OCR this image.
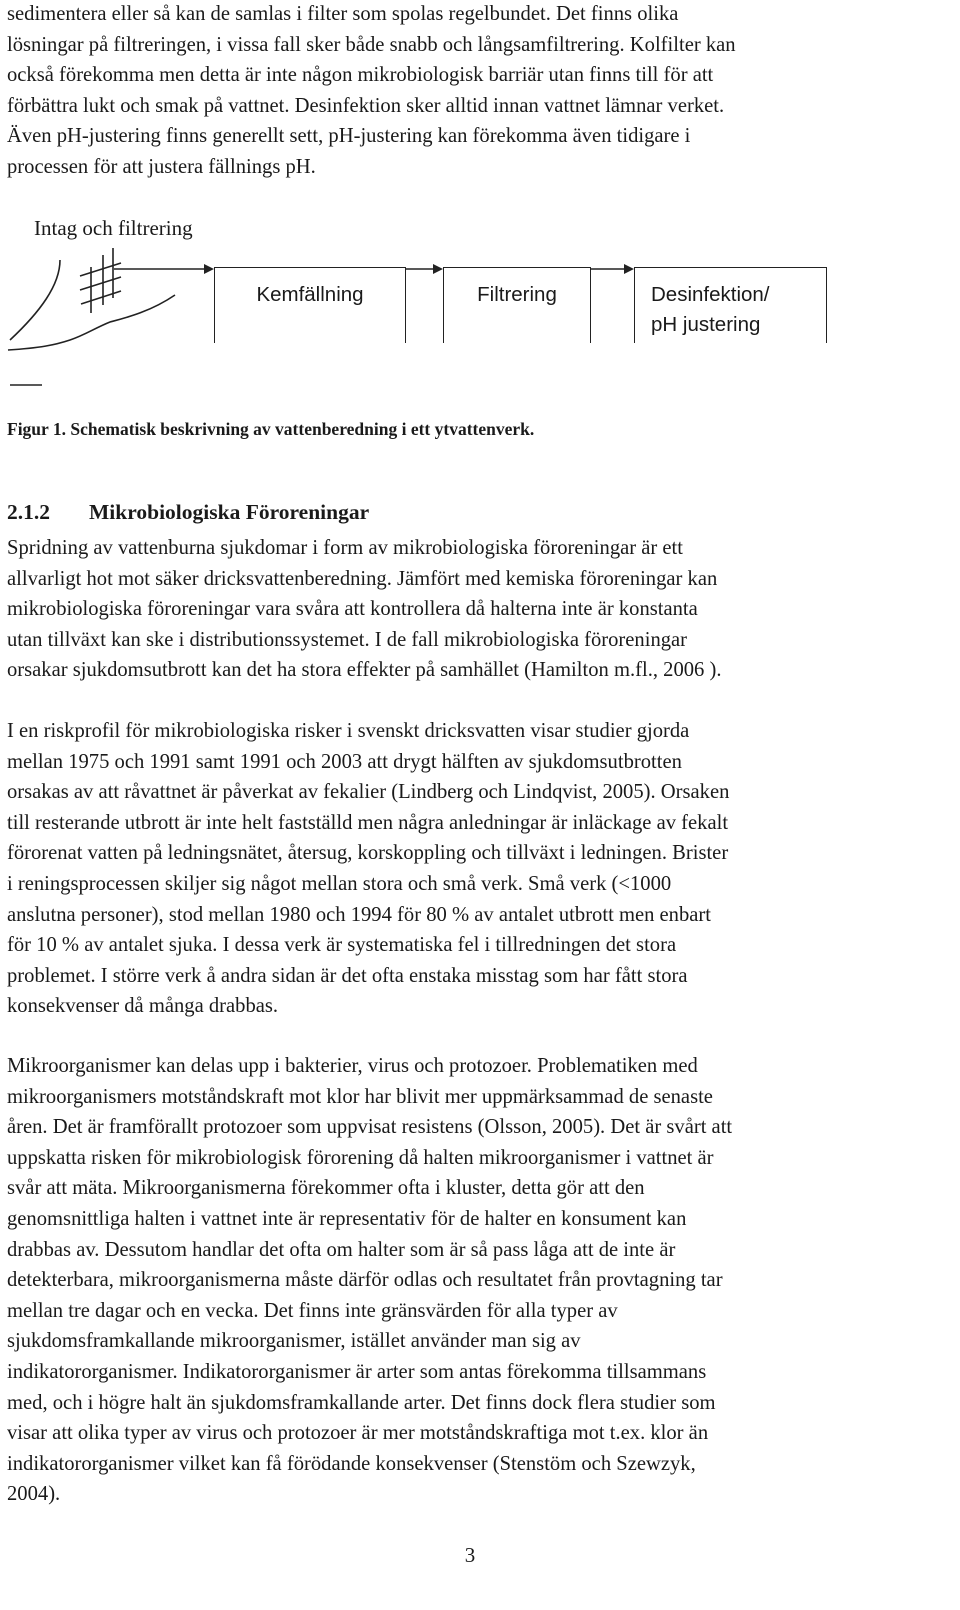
sedimentera eller så kan de samlas i filter som spolas regelbundet. Det finns olika
lösningar på filtreringen, i vissa fall sker både snabb och långsamfiltrering. Kolfilter kan
också förekomma men detta är inte någon mikrobiologisk barriär utan finns till för att
förbättra lukt och smak på vattnet. Desinfektion sker alltid innan vattnet lämnar verket.
Även pH-justering finns generellt sett, pH-justering kan förekomma även tidigare i
processen för att justera fällnings pH.
Intag och filtrering
Kemfällning	Filtrering	Desinfektion/
pH justering
Figur 1. Schematisk beskrivning av vattenberedning i ett ytvattenverk.
2.1.2 Mikrobiologiska Föroreningar
Spridning av vattenburna sjukdomar i form av mikrobiologiska föroreningar är ett
allvarligt hot mot säker dricksvattenberedning. Jämfört med kemiska föroreningar kan
mikrobiologiska föroreningar vara svåra att kontrollera då halterna inte är konstanta
utan tillväxt kan ske i distributionssystemet. I de fall mikrobiologiska föroreningar
orsakar sjukdomsutbrott kan det ha stora effekter på samhället (Hamilton m.fl., 2006 ).
I en riskprofil för mikrobiologiska risker i svenskt dricksvatten visar studier gjorda
mellan 1975 och 1991 samt 1991 och 2003 att drygt hälften av sjukdomsutbrotten
orsakas av att råvattnet är påverkat av fekalier (Lindberg och Lindqvist, 2005). Orsaken
till resterande utbrott är inte helt fastställd men några anledningar är inläckage av fekalt
förorenat vatten på ledningsnätet, återsug, korskoppling och tillväxt i ledningen. Brister
i reningsprocessen skiljer sig något mellan stora och små verk. Små verk (<1000
anslutna personer), stod mellan 1980 och 1994 för 80 % av antalet utbrott men enbart
för 10 % av antalet sjuka. I dessa verk är systematiska fel i tillredningen det stora
problemet. I större verk å andra sidan är det ofta enstaka misstag som har fått stora
konsekvenser då många drabbas.
Mikroorganismer kan delas upp i bakterier, virus och protozoer. Problematiken med
mikroorganismers motståndskraft mot klor har blivit mer uppmärksammad de senaste
åren. Det är framförallt protozoer som uppvisat resistens (Olsson, 2005). Det är svårt att
uppskatta risken för mikrobiologisk förorening då halten mikroorganismer i vattnet är
svår att mäta. Mikroorganismerna förekommer ofta i kluster, detta gör att den
genomsnittliga halten i vattnet inte är representativ för de halter en konsument kan
drabbas av. Dessutom handlar det ofta om halter som är så pass låga att de inte är
detekterbara, mikroorganismerna måste därför odlas och resultatet från provtagning tar
mellan tre dagar och en vecka. Det finns inte gränsvärden för alla typer av
sjukdomsframkallande mikroorganismer, istället använder man sig av
indikatororganismer. Indikatororganismer är arter som antas förekomma tillsammans
med, och i högre halt än sjukdomsframkallande arter. Det finns dock flera studier som
visar att olika typer av virus och protozoer är mer motståndskraftiga mot t.ex. klor än
indikatororganismer vilket kan få förödande konsekvenser (Stenstöm och Szewzyk,
2004).
3
